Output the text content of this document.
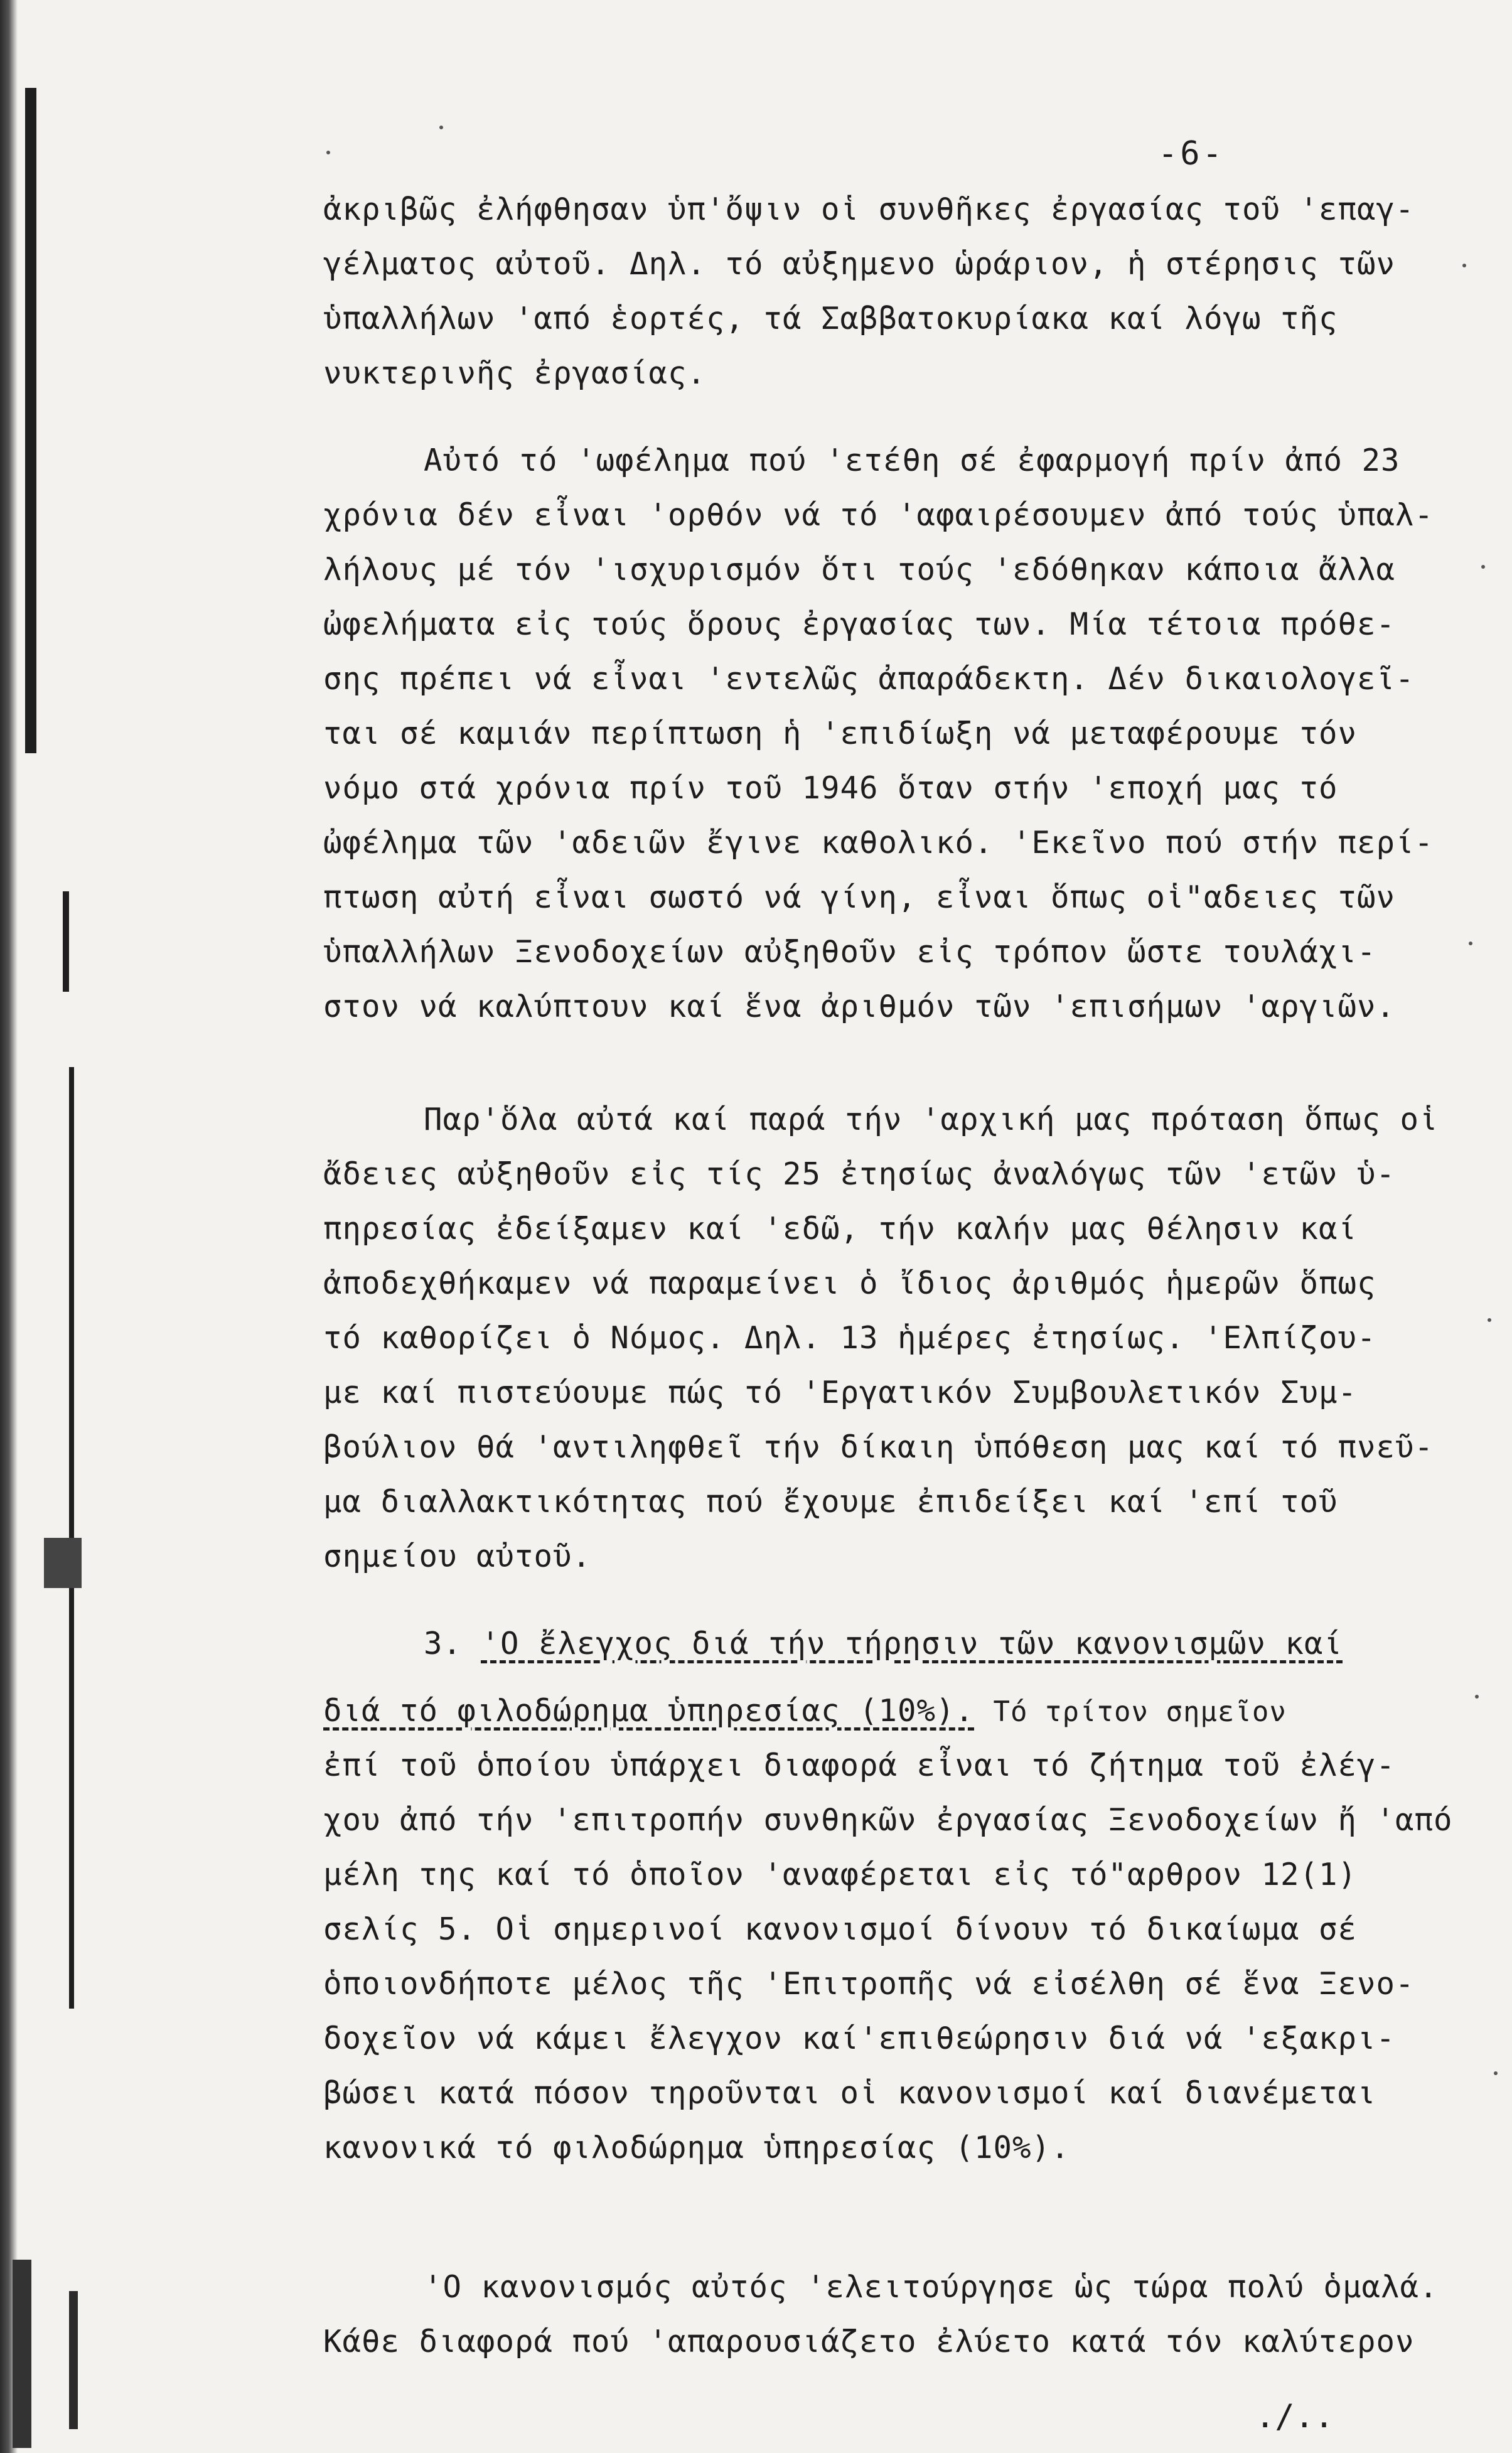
-6-
ἀκριβῶς ἐλήφθησαν ὑπ'ὄψιν οἱ συνθῆκες ἐργασίας τοῦ 'επαγ-
γέλματος αὐτοῦ. Δηλ. τό αὐξημενο ὡράριον, ἡ στέρησις τῶν
ὑπαλλήλων 'από ἑορτές, τά Σαββατοκυρίακα καί λόγω τῆς
νυκτερινῆς ἐργασίας.
Αὐτό τό 'ωφέλημα πού 'ετέθη σέ ἐφαρμογή πρίν ἀπό 23
χρόνια δέν εἶναι 'ορθόν νά τό 'αφαιρέσουμεν ἀπό τούς ὑπαλ-
λήλους μέ τόν 'ισχυρισμόν ὅτι τούς 'εδόθηκαν κάποια ἄλλα
ὠφελήματα εἰς τούς ὅρους ἐργασίας των. Μία τέτοια πρόθε-
σης πρέπει νά εἶναι 'εντελῶς ἀπαράδεκτη. Δέν δικαιολογεῖ-
ται σέ καμιάν περίπτωση ἡ 'επιδίωξη νά μεταφέρουμε τόν
νόμο στά χρόνια πρίν τοῦ 1946 ὅταν στήν 'εποχή μας τό
ὠφέλημα τῶν 'αδειῶν ἔγινε καθολικό. 'Εκεῖνο πού στήν περί-
πτωση αὐτή εἶναι σωστό νά γίνη, εἶναι ὅπως οἱ"αδειες τῶν
ὑπαλλήλων Ξενοδοχείων αὐξηθοῦν εἰς τρόπον ὥστε τουλάχι-
στον νά καλύπτουν καί ἕνα ἀριθμόν τῶν 'επισήμων 'αργιῶν.
Παρ'ὅλα αὐτά καί παρά τήν 'αρχική μας πρόταση ὅπως οἱ
ἄδειες αὐξηθοῦν εἰς τίς 25 ἐτησίως ἀναλόγως τῶν 'ετῶν ὑ-
πηρεσίας ἐδείξαμεν καί 'εδῶ, τήν καλήν μας θέλησιν καί
ἀποδεχθήκαμεν νά παραμείνει ὁ ἴδιος ἀριθμός ἡμερῶν ὅπως
τό καθορίζει ὁ Νόμος. Δηλ. 13 ἡμέρες ἐτησίως. 'Ελπίζου-
με καί πιστεύουμε πώς τό 'Εργατικόν Συμβουλετικόν Συμ-
βούλιον θά 'αντιληφθεῖ τήν δίκαιη ὑπόθεση μας καί τό πνεῦ-
μα διαλλακτικότητας πού ἔχουμε ἐπιδείξει καί 'επί τοῦ
σημείου αὐτοῦ.
3. 'Ο ἔλεγχος διά τήν τήρησιν τῶν κανονισμῶν καί
διά τό φιλοδώρημα ὑπηρεσίας (10%). Τό τρίτον σημεῖον
ἐπί τοῦ ὁποίου ὑπάρχει διαφορά εἶναι τό ζήτημα τοῦ ἐλέγ-
χου ἀπό τήν 'επιτροπήν συνθηκῶν ἐργασίας Ξενοδοχείων ἤ 'από
μέλη της καί τό ὁποῖον 'αναφέρεται εἰς τό"αρθρον 12(1)
σελίς 5. Οἱ σημερινοί κανονισμοί δίνουν τό δικαίωμα σέ
ὁποιονδήποτε μέλος τῆς 'Επιτροπῆς νά εἰσέλθη σέ ἕνα Ξενο-
δοχεῖον νά κάμει ἔλεγχον καί'επιθεώρησιν διά νά 'εξακρι-
βώσει κατά πόσον τηροῦνται οἱ κανονισμοί καί διανέμεται
κανονικά τό φιλοδώρημα ὑπηρεσίας (10%).
'Ο κανονισμός αὐτός 'ελειτούργησε ὡς τώρα πολύ ὁμαλά.
Κάθε διαφορά πού 'απαρουσιάζετο ἐλύετο κατά τόν καλύτερον
./..
